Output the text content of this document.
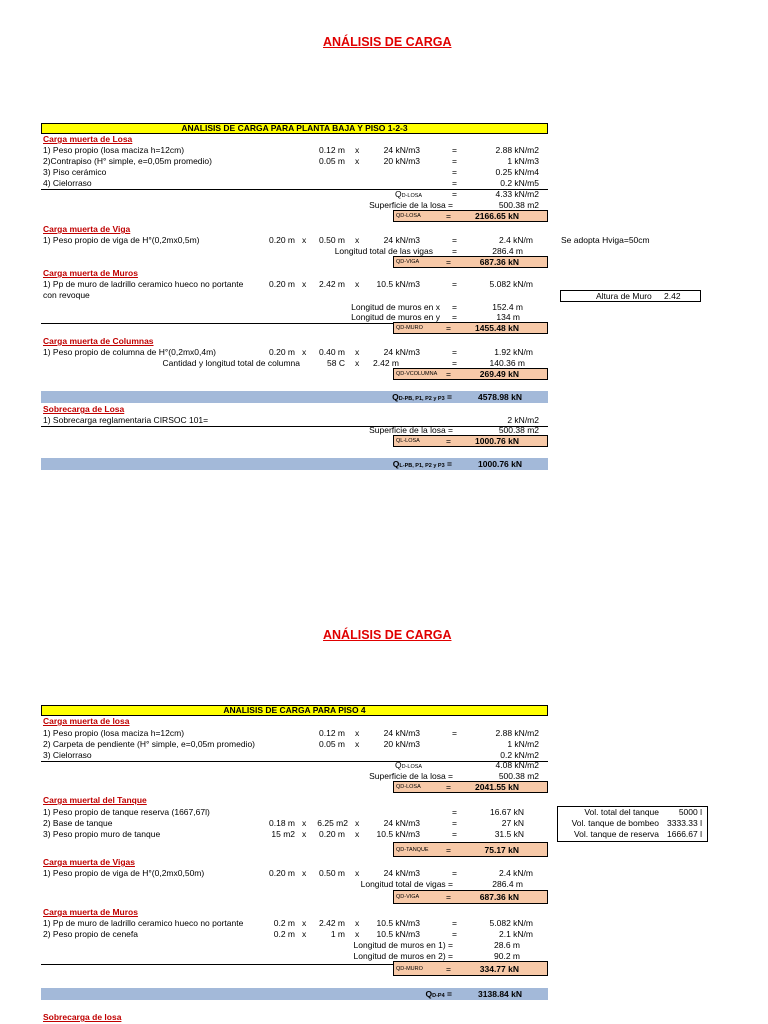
ANÁLISIS DE CARGA
ANALISIS DE CARGA PARA PLANTA BAJA Y PISO 1-2-3
Carga muerta de Losa
1) Peso propio (losa maciza h=12cm)	0.12 m x	24 kN/m3	=	2.88 kN/m2
2)Contrapiso (H° simple, e=0,05m promedio)	0.05 m x	20 kN/m3	=	1 kN/m3
3) Piso cerámico	=	0.25 kN/m4
4) Cielorraso	=	0.2 kN/m5
QD-LOSA	=	4.33 kN/m2
Superficie de la losa =	500.38 m2
QD-LOSA	=	2166.65 kN
Carga muerta de Viga
1) Peso propio de viga de H°(0,2mx0,5m)	0.20 m x	0.50 m x	24 kN/m3	=	2.4 kN/m	Se adopta Hviga=50cm
Longitud total de las vigas =	286.4 m
QD-VIGA	=	687.36 kN
Carga muerta de Muros
1) Pp de muro de ladrillo ceramico hueco no portante
con revoque
0.20 m x	2.42 m x	10.5 kN/m3	=	5.082 kN/m
Altura de Muro 2.42
Longitud de muros en x =	152.4 m
Longitud de muros en y =	134 m
QD-MURO	=	1455.48 kN
Carga muerta de Columnas
1) Peso propio de columna de H°(0,2mx0,4m)	0.20 m x	0.40 m x	24 kN/m3	=	1.92 kN/m
Cantidad y longitud total de columna	58 C x 2.42 m	=	140.36 m
QD-VCOLUMNA =	269.49 kN
QD-PB, P1, P2 y P3 =	4578.98 kN
Sobrecarga de Losa
1) Sobrecarga reglamentaria CIRSOC 101=	2 kN/m2
Superficie de la losa =	500.38 m2
QL-LOSA	=	1000.76 kN
QL-PB, P1, P2 y P3 =	1000.76 kN
ANÁLISIS DE CARGA
ANALISIS DE CARGA PARA PISO 4
Carga muerta de losa
1) Peso propio (losa maciza h=12cm)	0.12 m x	24 kN/m3	=	2.88 kN/m2
2) Carpeta de pendiente (H° simple, e=0,05m promedio)	0.05 m x	20 kN/m3	1 kN/m2
3) Cielorraso	0.2 kN/m2
QD-LOSA	4.08 kN/m2
Superficie de la losa =	500.38 m2
QD-LOSA	=	2041.55 kN
Carga muertal del Tanque
1) Peso propio de tanque reserva (1667,67l)	=	16.67 kN
2) Base de tanque	0.18 m x	6.25 m2 x	24 kN/m3	=	27 kN
3) Peso propio muro de tanque	15 m2 x	0.20 m x	10.5 kN/m3	=	31.5 kN
QD-TANQUE =	75.17 kN
Vol. total del tanque 5000 l
Vol. tanque de bombeo 3333.33 l
Vol. tanque de reserva 1666.67 l
Carga muerta de Vigas
1) Peso propio de viga de H°(0,2mx0,50m)	0.20 m x	0.50 m x	24 kN/m3	=	2.4 kN/m
Longitud total de vigas =	286.4 m
QD-VIGA	=	687.36 kN
Carga muerta de Muros
1) Pp de muro de ladrillo ceramico hueco no portante	0.2 m x	2.42 m x	10.5 kN/m3	=	5.082 kN/m
2) Peso propio de cenefa	0.2 m x	1 m x	10.5 kN/m3	=	2.1 kN/m
Longitud de muros en 1) =	28.6 m
Longitud de muros en 2) =	90.2 m
QD-MURO	=	334.77 kN
QD-P4 =	3138.84 kN
Sobrecarga de losa
